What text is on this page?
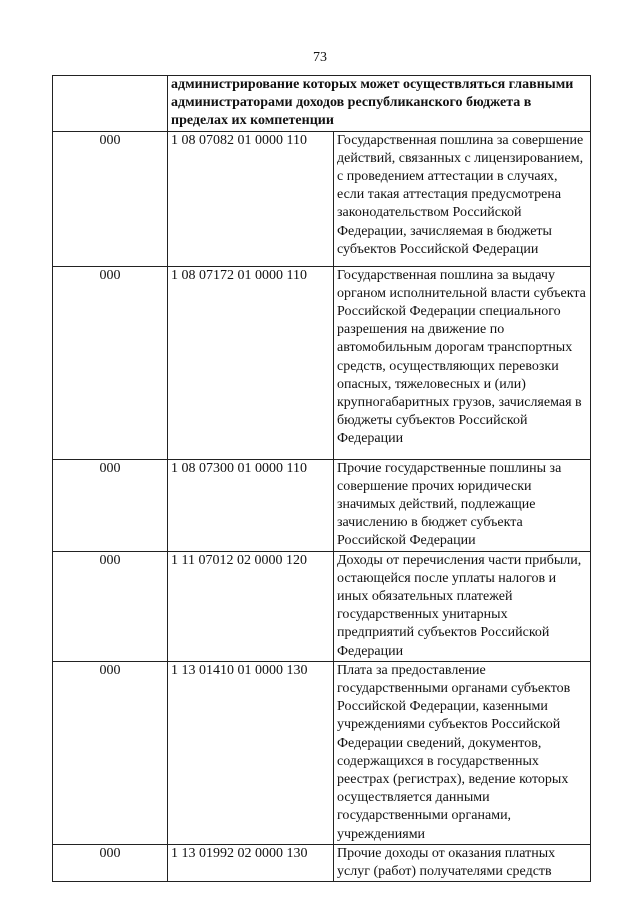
73
	администрирование которых может осуществляться главными администраторами доходов республиканского бюджета в пределах их компетенции	
000	1 08 07082 01 0000 110	Государственная пошлина за совершение действий, связанных с лицензированием, с проведением аттестации в случаях, если такая аттестация предусмотрена законодательством Российской Федерации, зачисляемая в бюджеты субъектов Российской Федерации
000	1 08 07172 01 0000 110	Государственная пошлина за выдачу органом исполнительной власти субъекта Российской Федерации специального разрешения на движение по автомобильным дорогам транспортных средств, осуществляющих перевозки опасных, тяжеловесных и (или) крупногабаритных грузов, зачисляемая в бюджеты субъектов Российской Федерации
000	1 08 07300 01 0000 110	Прочие государственные пошлины за совершение прочих юридически значимых действий, подлежащие зачислению в бюджет субъекта Российской Федерации
000	1 11 07012 02 0000 120	Доходы от перечисления части прибыли, остающейся после уплаты налогов и иных обязательных платежей государственных унитарных предприятий субъектов Российской Федерации
000	1 13 01410 01 0000 130	Плата за предоставление государственными органами субъектов Российской Федерации, казенными учреждениями субъектов Российской Федерации сведений, документов, содержащихся в государственных реестрах (регистрах), ведение которых осуществляется данными государственными органами, учреждениями
000	1 13 01992 02 0000 130	Прочие доходы от оказания платных услуг (работ) получателями средств
